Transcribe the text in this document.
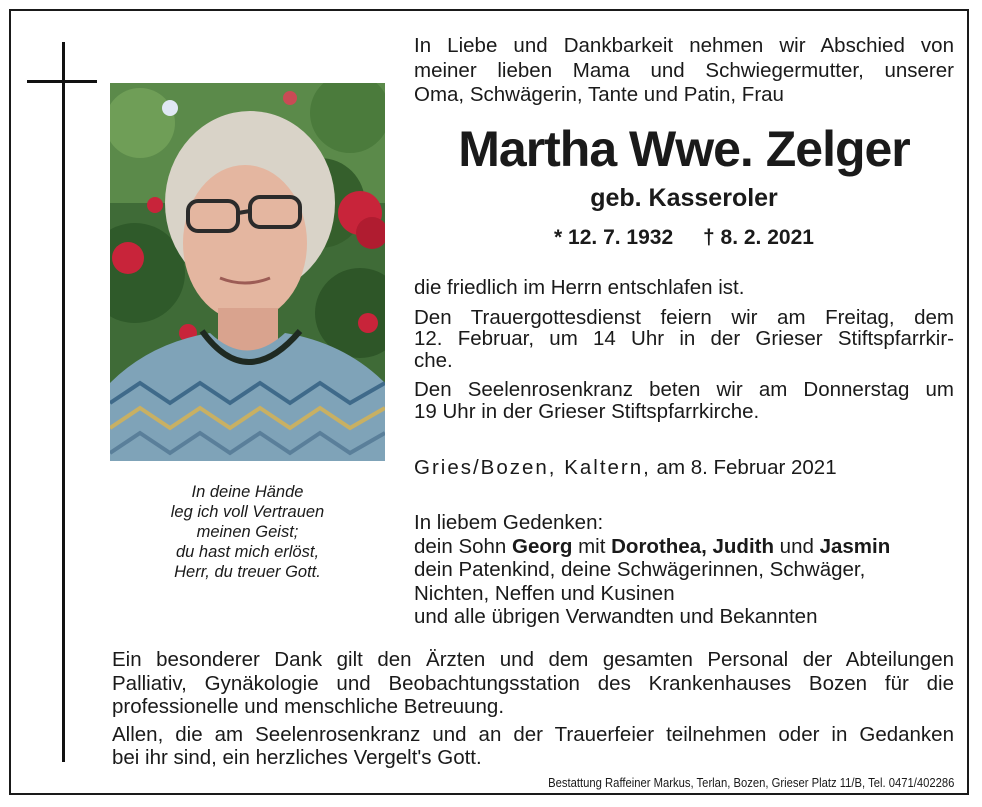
In deine Hände
leg ich voll Vertrauen
meinen Geist;
du hast mich erlöst,
Herr, du treuer Gott.
In Liebe und Dankbarkeit nehmen wir Abschied von
meiner lieben Mama und Schwiegermutter, unserer
Oma, Schwägerin, Tante und Patin, Frau
Martha Wwe. Zelger
geb. Kasseroler
* 12. 7. 1932 † 8. 2. 2021
die friedlich im Herrn entschlafen ist.
Den Trauergottesdienst feiern wir am Freitag, dem
12. Februar, um 14 Uhr in der Grieser Stiftspfarrkir-
che.
Den Seelenrosenkranz beten wir am Donnerstag um
19 Uhr in der Grieser Stiftspfarrkirche.
Gries/Bozen, Kaltern, am 8. Februar 2021
In liebem Gedenken:
dein Sohn Georg mit Dorothea, Judith und Jasmin
dein Patenkind, deine Schwägerinnen, Schwäger,
Nichten, Neffen und Kusinen
und alle übrigen Verwandten und Bekannten
Ein besonderer Dank gilt den Ärzten und dem gesamten Personal der Abteilungen
Palliativ, Gynäkologie und Beobachtungsstation des Krankenhauses Bozen für die
professionelle und menschliche Betreuung.
Allen, die am Seelenrosenkranz und an der Trauerfeier teilnehmen oder in Gedanken
bei ihr sind, ein herzliches Vergelt's Gott.
Bestattung Raffeiner Markus, Terlan, Bozen, Grieser Platz 11/B, Tel. 0471/402286
